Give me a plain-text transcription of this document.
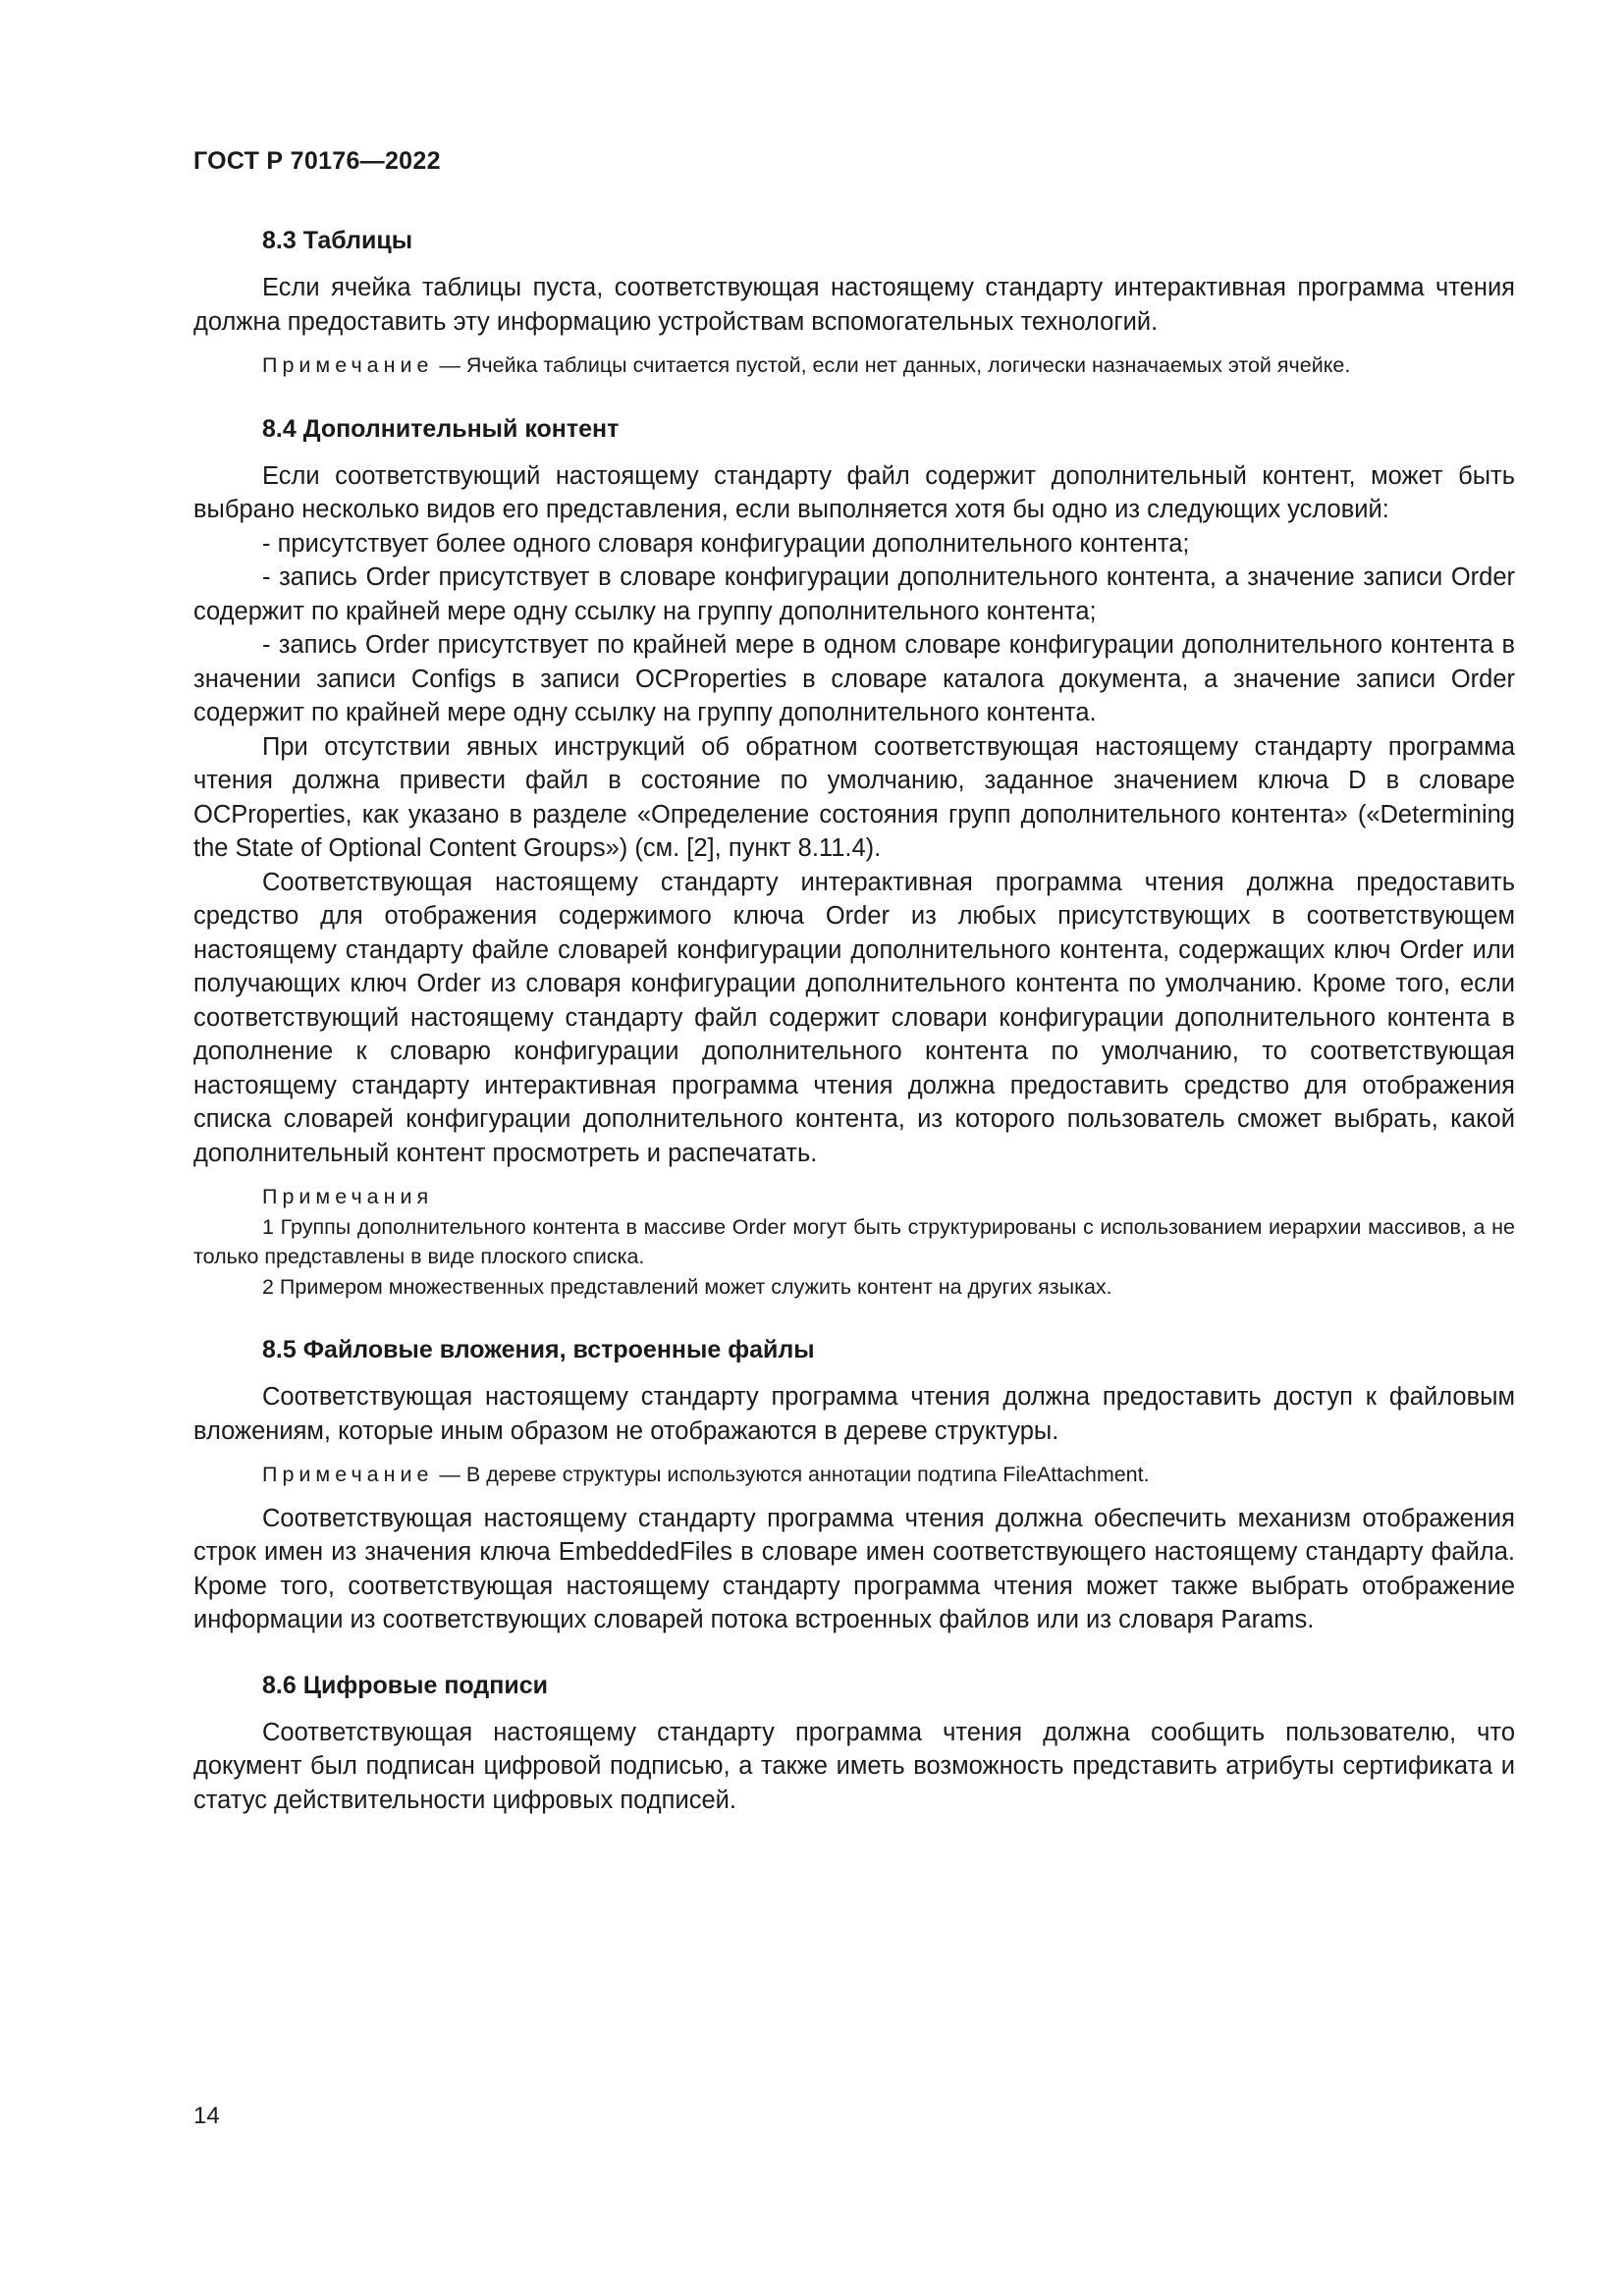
ГОСТ Р 70176—2022
8.3 Таблицы

Если ячейка таблицы пуста, соответствующая настоящему стандарту интерактивная программа чтения должна предоставить эту информацию устройствам вспомогательных технологий.

Примечание — Ячейка таблицы считается пустой, если нет данных, логически назначаемых этой ячейке.

8.4 Дополнительный контент

Если соответствующий настоящему стандарту файл содержит дополнительный контент, может быть выбрано несколько видов его представления, если выполняется хотя бы одно из следующих условий:

- присутствует более одного словаря конфигурации дополнительного контента;

- запись Order присутствует в словаре конфигурации дополнительного контента, а значение записи Order содержит по крайней мере одну ссылку на группу дополнительного контента;

- запись Order присутствует по крайней мере в одном словаре конфигурации дополнительного контента в значении записи Configs в записи OCProperties в словаре каталога документа, а значение записи Order содержит по крайней мере одну ссылку на группу дополнительного контента.

При отсутствии явных инструкций об обратном соответствующая настоящему стандарту программа чтения должна привести файл в состояние по умолчанию, заданное значением ключа D в словаре OCProperties, как указано в разделе «Определение состояния групп дополнительного контента» («Determining the State of Optional Content Groups») (см. [2], пункт 8.11.4).

Соответствующая настоящему стандарту интерактивная программа чтения должна предоставить средство для отображения содержимого ключа Order из любых присутствующих в соответствующем настоящему стандарту файле словарей конфигурации дополнительного контента, содержащих ключ Order или получающих ключ Order из словаря конфигурации дополнительного контента по умолчанию. Кроме того, если соответствующий настоящему стандарту файл содержит словари конфигурации дополнительного контента в дополнение к словарю конфигурации дополнительного контента по умолчанию, то соответствующая настоящему стандарту интерактивная программа чтения должна предоставить средство для отображения списка словарей конфигурации дополнительного контента, из которого пользователь сможет выбрать, какой дополнительный контент просмотреть и распечатать.

Примечания

1 Группы дополнительного контента в массиве Order могут быть структурированы с использованием иерархии массивов, а не только представлены в виде плоского списка.

2 Примером множественных представлений может служить контент на других языках.

8.5 Файловые вложения, встроенные файлы

Соответствующая настоящему стандарту программа чтения должна предоставить доступ к файловым вложениям, которые иным образом не отображаются в дереве структуры.

Примечание — В дереве структуры используются аннотации подтипа FileAttachment.

Соответствующая настоящему стандарту программа чтения должна обеспечить механизм отображения строк имен из значения ключа EmbeddedFiles в словаре имен соответствующего настоящему стандарту файла. Кроме того, соответствующая настоящему стандарту программа чтения может также выбрать отображение информации из соответствующих словарей потока встроенных файлов или из словаря Params.

8.6 Цифровые подписи

Соответствующая настоящему стандарту программа чтения должна сообщить пользователю, что документ был подписан цифровой подписью, а также иметь возможность представить атрибуты сертификата и статус действительности цифровых подписей.

14
